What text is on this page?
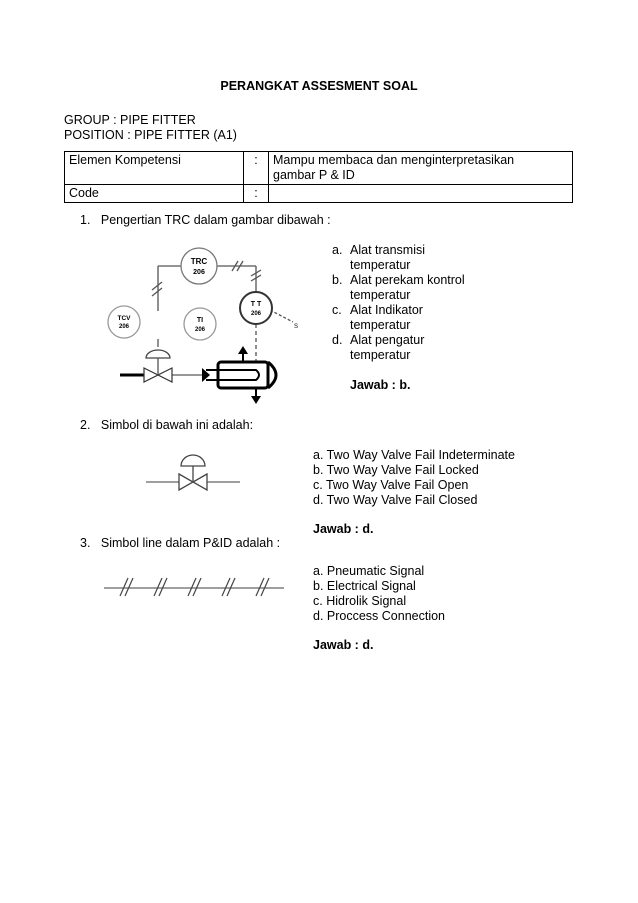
PERANGKAT ASSESMENT SOAL
GROUP : PIPE FITTER
POSITION : PIPE FITTER (A1)
Elemen Kompetensi	:	Mampu membaca dan menginterpretasikan
gambar P & ID

Code	:	
1. Pengertian TRC dalam gambar dibawah :
TRC
206
T T
206
S
TCV
206
TI
206
a. Alat transmisi
temperatur
b. Alat perekam kontrol
temperatur
c. Alat Indikator
temperatur
d. Alat pengatur
temperatur
Jawab : b.
2. Simbol di bawah ini adalah:
a. Two Way Valve Fail Indeterminate
b. Two Way Valve Fail Locked
c. Two Way Valve Fail Open
d. Two Way Valve Fail Closed
Jawab : d.
3. Simbol line dalam P&ID adalah :
a. Pneumatic Signal
b. Electrical Signal
c. Hidrolik Signal
d. Proccess Connection
Jawab : d.
